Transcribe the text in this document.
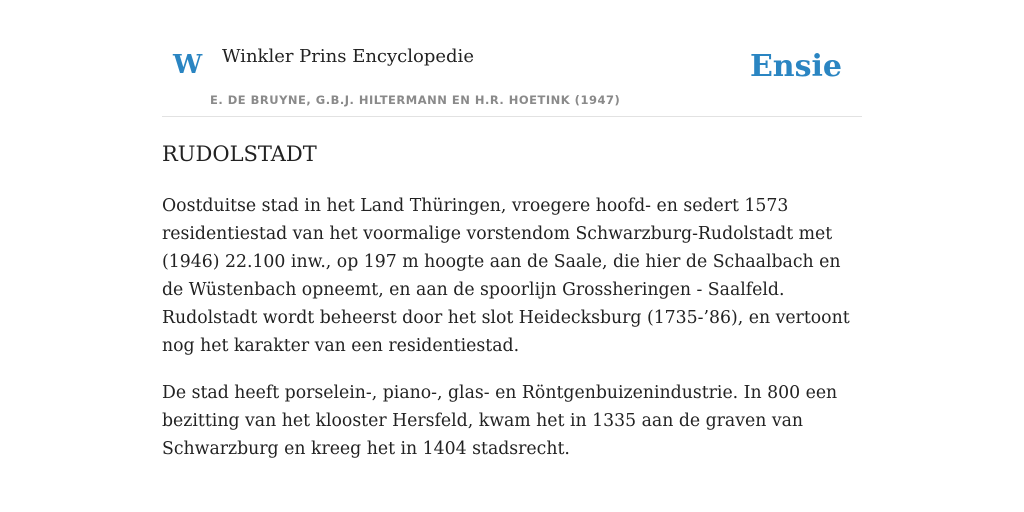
W Winkler Prins Encyclopedie
E. DE BRUYNE, G.B.J. HILTERMANN EN H.R. HOETINK (1947)
Ensie
RUDOLSTADT

Oostduitse stad in het Land Thüringen, vroegere hoofd- en sedert 1573 residentiestad van het voormalige vorstendom Schwarzburg-Rudolstadt met (1946) 22.100 inw., op 197 m hoogte aan de Saale, die hier de Schaalbach en de Wüstenbach opneemt, en aan de spoorlijn Grossheringen - Saalfeld. Rudolstadt wordt beheerst door het slot Heidecksburg (1735-’86), en vertoont nog het karakter van een residentiestad.

De stad heeft porselein-, piano-, glas- en Röntgenbuizenindustrie. In 800 een bezitting van het klooster Hersfeld, kwam het in 1335 aan de graven van Schwarzburg en kreeg het in 1404 stadsrecht.
